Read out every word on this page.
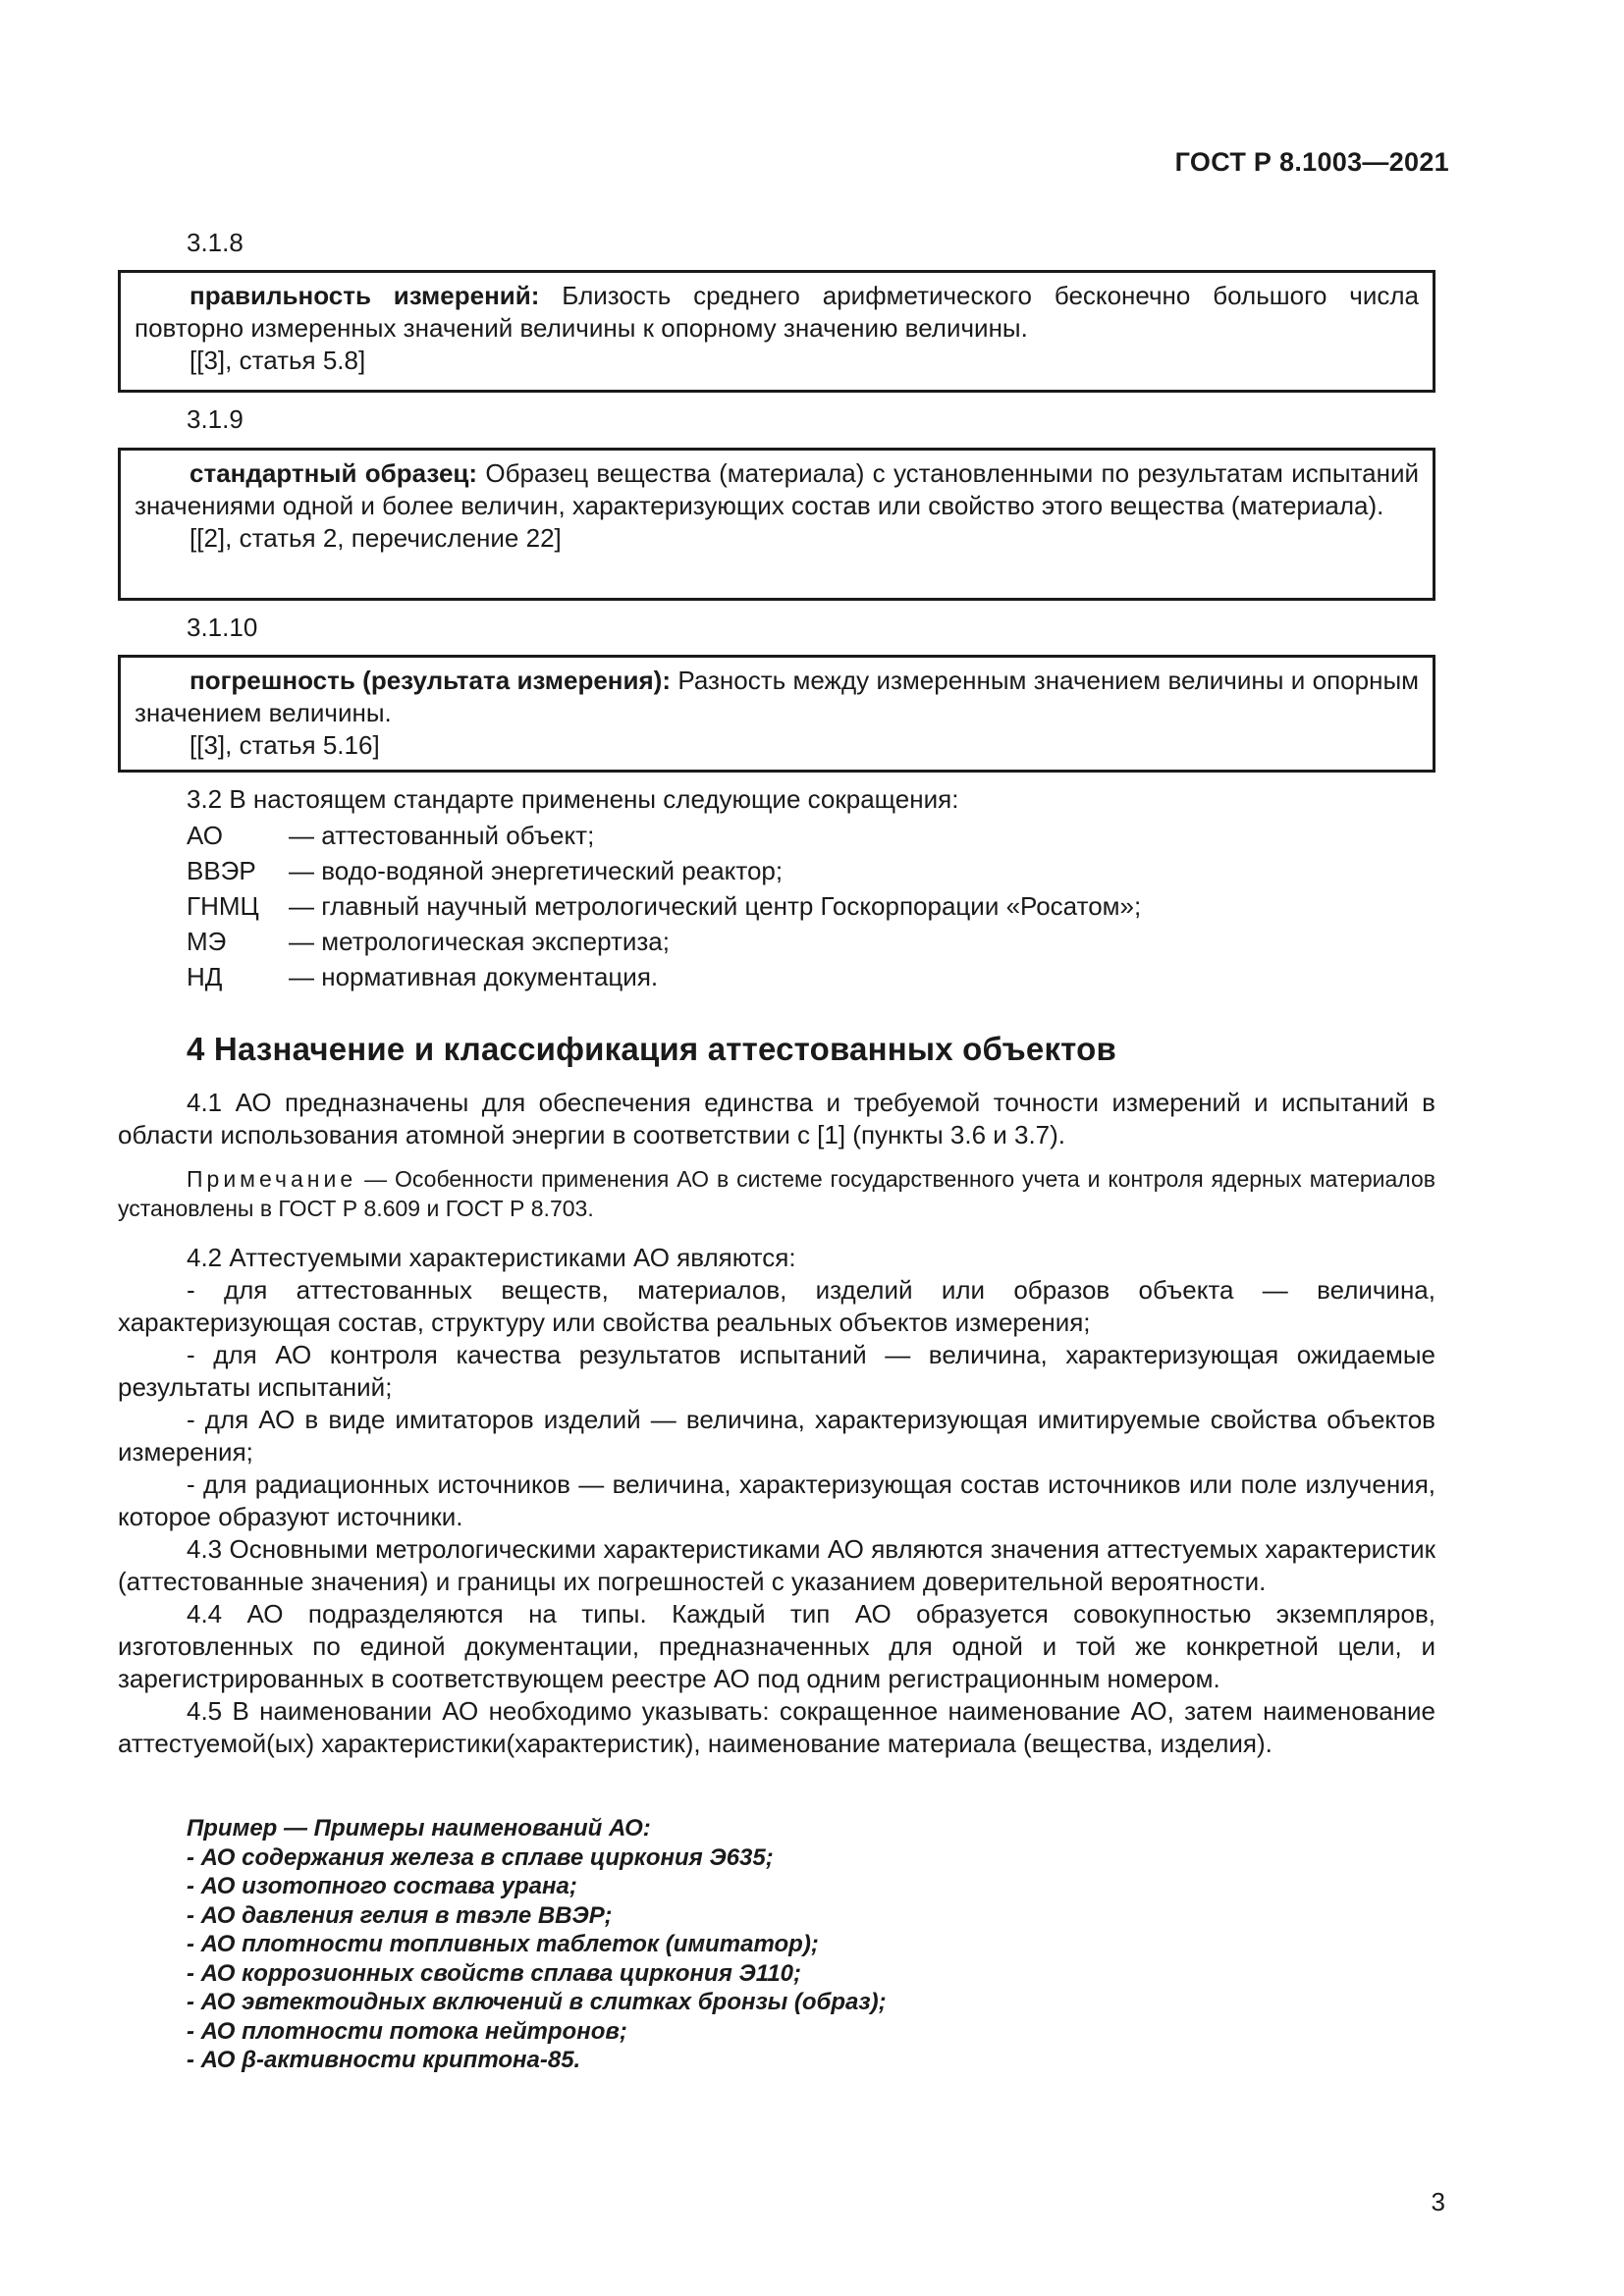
ГОСТ Р 8.1003—2021
3.1.8

правильность измерений: Близость среднего арифметического бесконечно большого числа повторно измеренных значений величины к опорному значению величины.

[[3], статья 5.8]
3.1.9

стандартный образец: Образец вещества (материала) с установленными по результатам испытаний значениями одной и более величин, характеризующих состав или свойство этого вещества (материала).

[[2], статья 2, перечисление 22]
3.1.10

погрешность (результата измерения): Разность между измеренным значением величины и опорным значением величины.

[[3], статья 5.16]
3.2 В настоящем стандарте применены следующие сокращения:
АО	— аттестованный объект;
ВВЭР — водо-водяной энергетический реактор;
ГНМЦ — главный научный метрологический центр Госкорпорации «Росатом»;
МЭ — метрологическая экспертиза;
НД	— нормативная документация.
4 Назначение и классификация аттестованных объектов

4.1 АО предназначены для обеспечения единства и требуемой точности измерений и испытаний в области использования атомной энергии в соответствии с [1] (пункты 3.6 и 3.7).

Примечание — Особенности применения АО в системе государственного учета и контроля ядерных материалов установлены в ГОСТ Р 8.609 и ГОСТ Р 8.703.

4.2 Аттестуемыми характеристиками АО являются:

- для аттестованных веществ, материалов, изделий или образов объекта — величина, характеризующая состав, структуру или свойства реальных объектов измерения;

- для АО контроля качества результатов испытаний — величина, характеризующая ожидаемые результаты испытаний;

- для АО в виде имитаторов изделий — величина, характеризующая имитируемые свойства объектов измерения;

- для радиационных источников — величина, характеризующая состав источников или поле излучения, которое образуют источники.

4.3 Основными метрологическими характеристиками АО являются значения аттестуемых характеристик (аттестованные значения) и границы их погрешностей с указанием доверительной вероятности.

4.4 АО подразделяются на типы. Каждый тип АО образуется совокупностью экземпляров, изготовленных по единой документации, предназначенных для одной и той же конкретной цели, и зарегистрированных в соответствующем реестре АО под одним регистрационным номером.

4.5 В наименовании АО необходимо указывать: сокращенное наименование АО, затем наименование аттестуемой(ых) характеристики(характеристик), наименование материала (вещества, изделия).

Пример — Примеры наименований АО:
- АО содержания железа в сплаве циркония Э635;
- АО изотопного состава урана;
- АО давления гелия в твэле ВВЭР;
- АО плотности топливных таблеток (имитатор);
- АО коррозионных свойств сплава циркония Э110;
- АО эвтектоидных включений в слитках бронзы (образ);
- АО плотности потока нейтронов;
- АО β-активности криптона-85.
3
